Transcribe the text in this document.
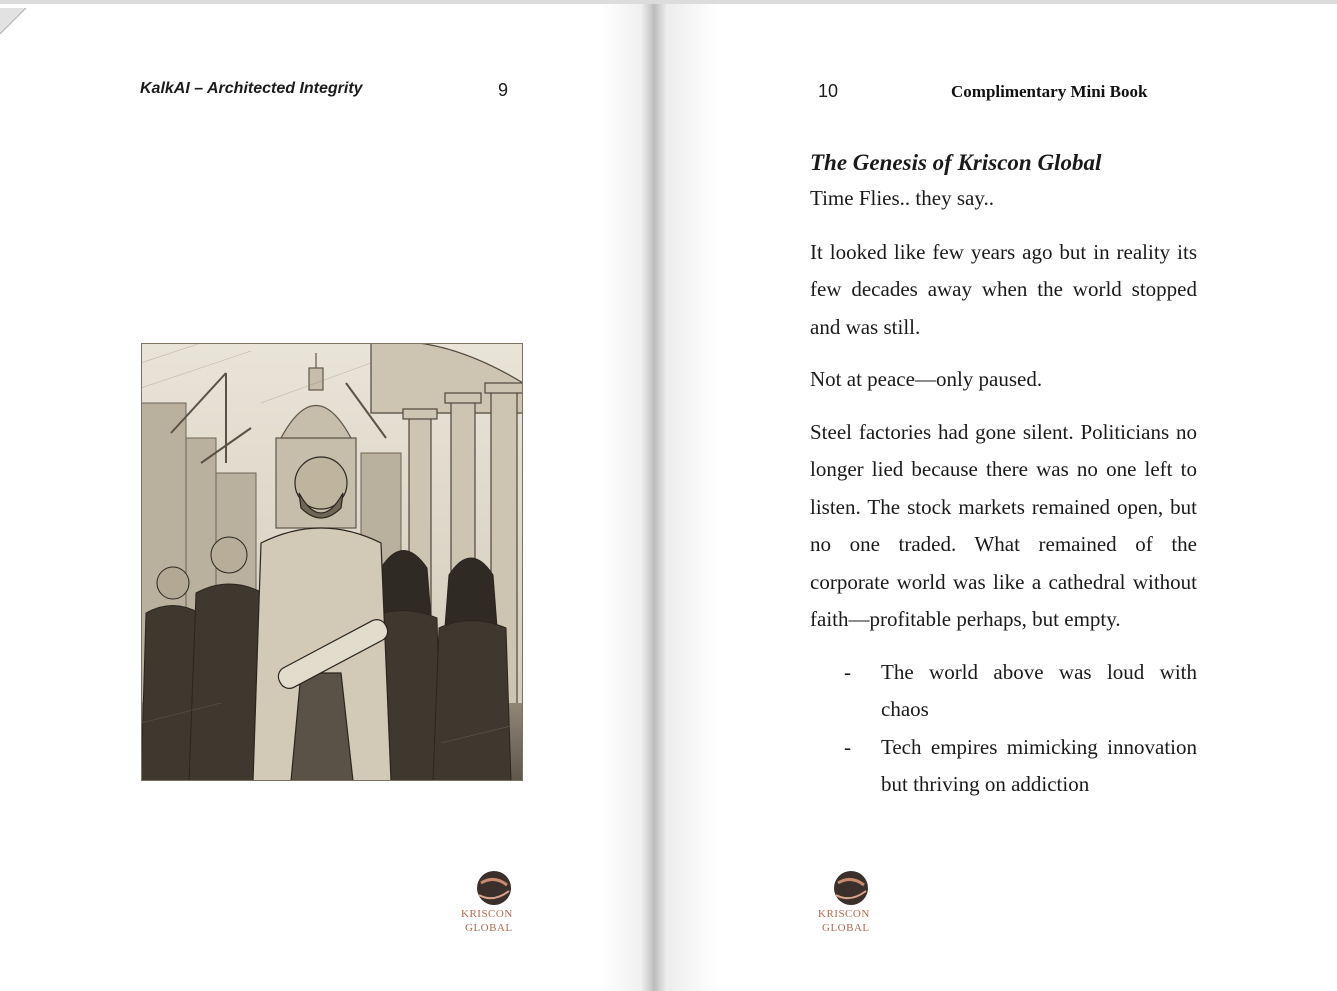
KalkAI – Architected Integrity	9
KRISCON
GLOBAL
10	Complimentary Mini Book
The Genesis of Kriscon Global

Time Flies.. they say..

It looked like few years ago but in reality its few decades away when the world stopped and was still.

Not at peace—only paused.

Steel factories had gone silent. Politicians no longer lied because there was no one left to listen. The stock markets remained open, but no one traded. What remained of the corporate world was like a cathedral without faith—profitable perhaps, but empty.

- The world above was loud with chaos
- Tech empires mimicking innovation but thriving on addiction
KRISCON
GLOBAL
